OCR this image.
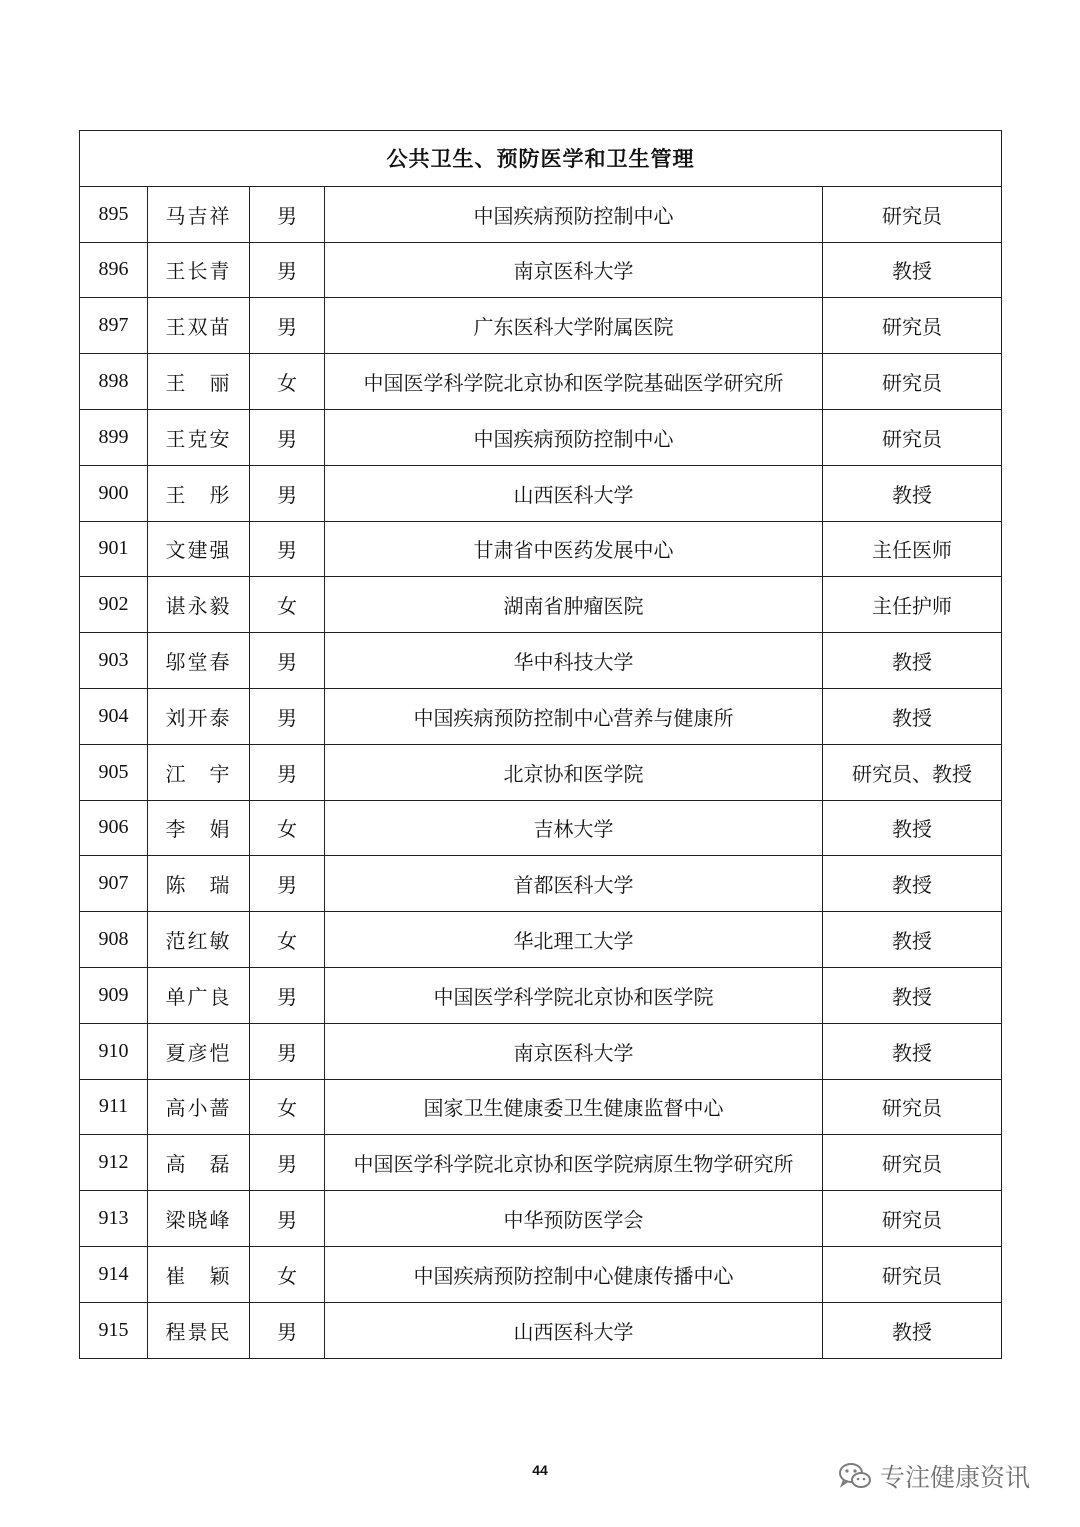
公共卫生、预防医学和卫生管理				
895	马吉祥	男	中国疾病预防控制中心	研究员
896	王长青	男	南京医科大学	教授
897	王双苗	男	广东医科大学附属医院	研究员
898	王　丽	女	中国医学科学院北京协和医学院基础医学研究所	研究员
899	王克安	男	中国疾病预防控制中心	研究员
900	王　彤	男	山西医科大学	教授
901	文建强	男	甘肃省中医药发展中心	主任医师
902	谌永毅	女	湖南省肿瘤医院	主任护师
903	邬堂春	男	华中科技大学	教授
904	刘开泰	男	中国疾病预防控制中心营养与健康所	教授
905	江　宇	男	北京协和医学院	研究员、教授
906	李　娟	女	吉林大学	教授
907	陈　瑞	男	首都医科大学	教授
908	范红敏	女	华北理工大学	教授
909	单广良	男	中国医学科学院北京协和医学院	教授
910	夏彦恺	男	南京医科大学	教授
911	高小蔷	女	国家卫生健康委卫生健康监督中心	研究员
912	高　磊	男	中国医学科学院北京协和医学院病原生物学研究所	研究员
913	梁晓峰	男	中华预防医学会	研究员
914	崔　颖	女	中国疾病预防控制中心健康传播中心	研究员
915	程景民	男	山西医科大学	教授
44	专注健康资讯
